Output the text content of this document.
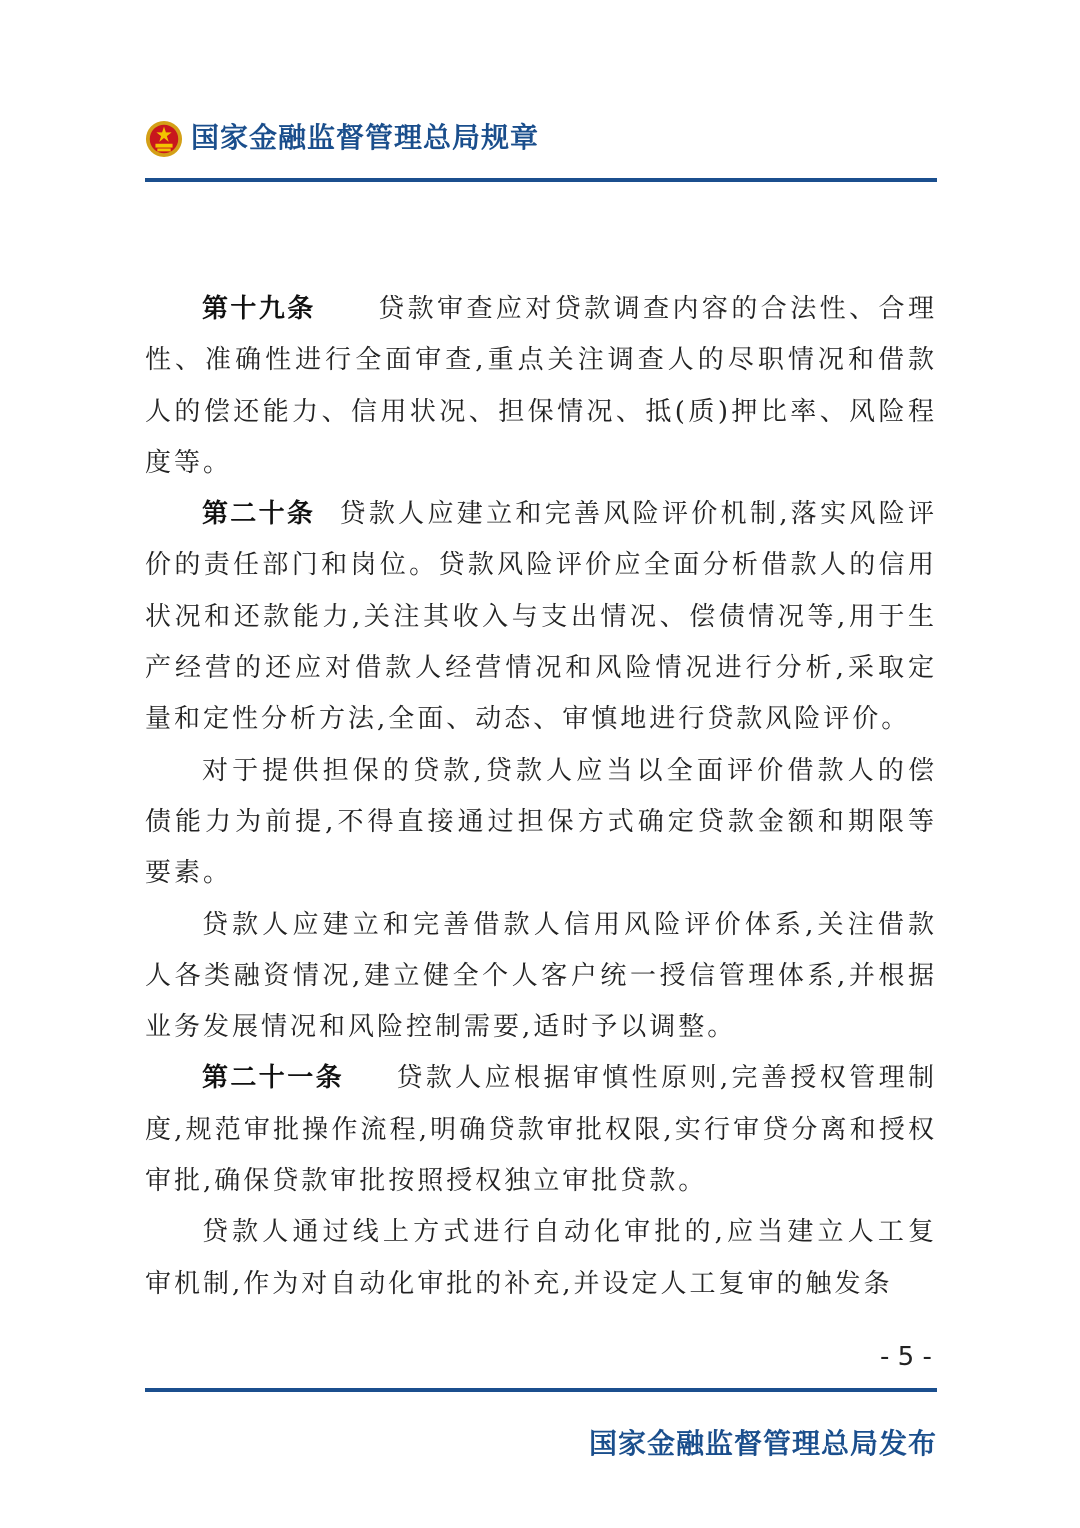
国家金融监督管理总局规章

第十九条 贷款审查应对贷款调查内容的合法性、合理性、准确性进行全面审查,重点关注调查人的尽职情况和借款人的偿还能力、信用状况、担保情况、抵(质)押比率、风险程度等。

第二十条 贷款人应建立和完善风险评价机制,落实风险评价的责任部门和岗位。贷款风险评价应全面分析借款人的信用状况和还款能力,关注其收入与支出情况、偿债情况等,用于生产经营的还应对借款人经营情况和风险情况进行分析,采取定量和定性分析方法,全面、动态、审慎地进行贷款风险评价。
对于提供担保的贷款,贷款人应当以全面评价借款人的偿债能力为前提,不得直接通过担保方式确定贷款金额和期限等要素。

贷款人应建立和完善借款人信用风险评价体系,关注借款人各类融资情况,建立健全个人客户统一授信管理体系,并根据业务发展情况和风险控制需要,适时予以调整。

第二十一条 贷款人应根据审慎性原则,完善授权管理制度,规范审批操作流程,明确贷款审批权限,实行审贷分离和授权审批,确保贷款审批按照授权独立审批贷款。

贷款人通过线上方式进行自动化审批的,应当建立人工复审机制,作为对自动化审批的补充,并设定人工复审的触发条

- 5 -
国家金融监督管理总局发布
